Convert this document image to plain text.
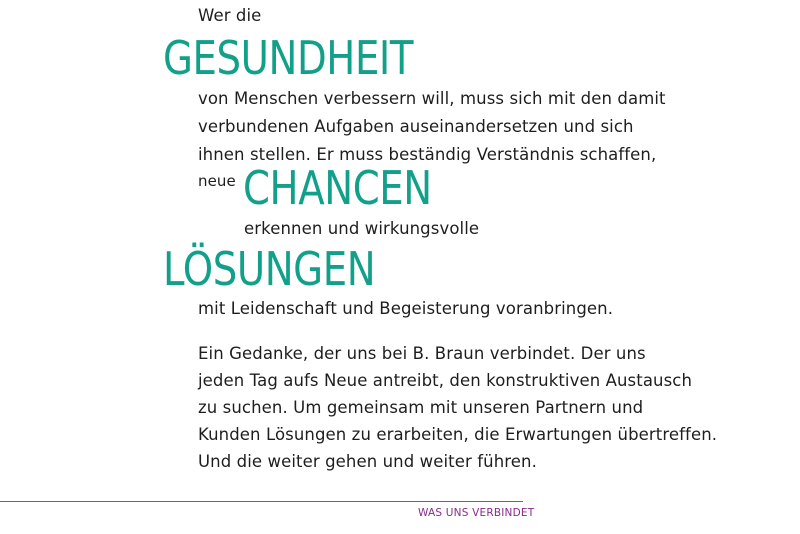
Wer die
GESUNDHEIT
von Menschen verbessern will, muss sich mit den damit
verbundenen Aufgaben auseinandersetzen und sich
ihnen stellen. Er muss beständig Verständnis schaffen,
neue CHANCEN
erkennen und wirkungsvolle
LÖSUNGEN
mit Leidenschaft und Begeisterung voranbringen.
Ein Gedanke, der uns bei B. Braun verbindet. Der uns
jeden Tag aufs Neue antreibt, den konstruktiven Austausch
zu suchen. Um gemeinsam mit unseren Partnern und
Kunden Lösungen zu erarbeiten, die Erwartungen übertreffen.
Und die weiter gehen und weiter führen.
WAS UNS VERBINDET
